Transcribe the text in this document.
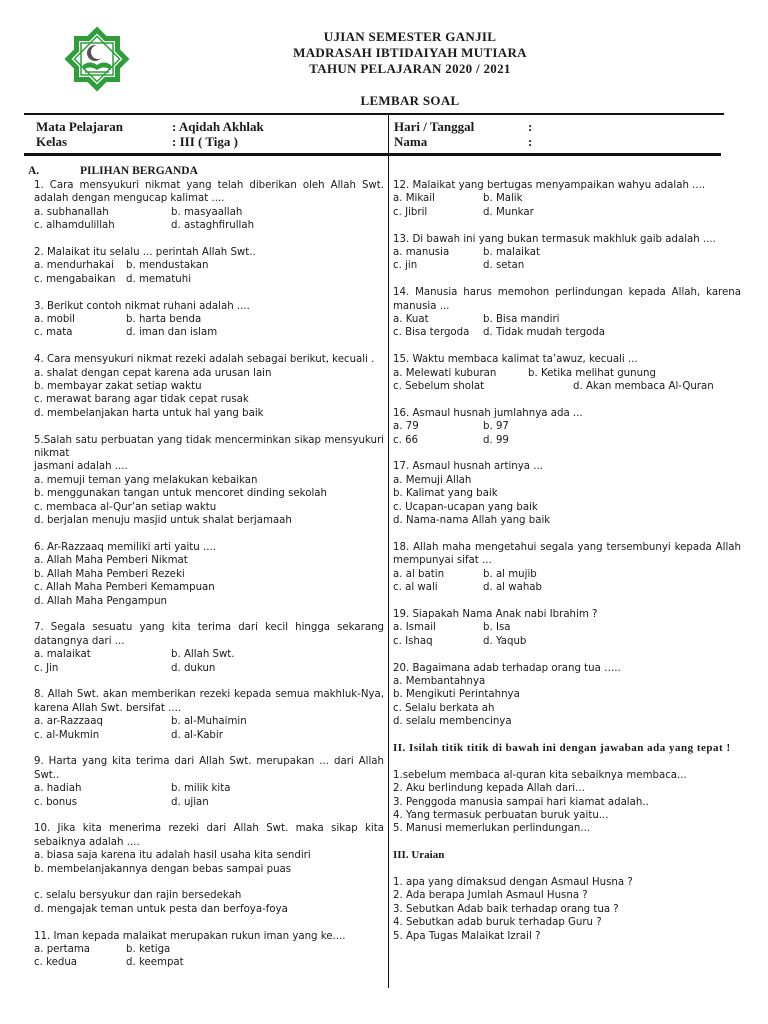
UJIAN SEMESTER GANJIL
MADRASAH IBTIDAIYAH MUTIARA
TAHUN PELAJARAN 2020 / 2021
LEMBAR SOAL
Mata Pelajaran	: Aqidah Akhlak
Kelas	: III ( Tiga )
Hari / Tanggal	:
Nama	:
A.	PILIHAN BERGANDA
1. Cara mensyukuri nikmat yang telah diberikan oleh Allah Swt. adalah dengan mengucap kalimat ....
a. subhanallah	b. masyaallah
c. alhamdulillah	d. astaghfirullah
2. Malaikat itu selalu ... perintah Allah Swt..
a. mendurhakai	b. mendustakan
c. mengabaikan	d. mematuhi
3. Berikut contoh nikmat ruhani adalah ....
a. mobil	b. harta benda
c. mata	d. iman dan islam
4. Cara mensyukuri nikmat rezeki adalah sebagai berikut, kecuali .
a. shalat dengan cepat karena ada urusan lain
b. membayar zakat setiap waktu
c. merawat barang agar tidak cepat rusak
d. membelanjakan harta untuk hal yang baik
5.Salah satu perbuatan yang tidak mencerminkan sikap mensyukuri nikmat
jasmani adalah ....
a. memuji teman yang melakukan kebaikan
b. menggunakan tangan untuk mencoret dinding sekolah
c. membaca al-Qur’an setiap waktu
d. berjalan menuju masjid untuk shalat berjamaah
6. Ar-Razzaaq memiliki arti yaitu ....
a. Allah Maha Pemberi Nikmat
b. Allah Maha Pemberi Rezeki
c. Allah Maha Pemberi Kemampuan
d. Allah Maha Pengampun
7. Segala sesuatu yang kita terima dari kecil hingga sekarang datangnya dari ...
a. malaikat	b. Allah Swt.
c. Jin	d. dukun
8. Allah Swt. akan memberikan rezeki kepada semua makhluk-Nya, karena Allah Swt. bersifat ....
a. ar-Razzaaq	b. al-Muhaimin
c. al-Mukmin	d. al-Kabir
9. Harta yang kita terima dari Allah Swt. merupakan ... dari Allah Swt..
a. hadiah	b. milik kita
c. bonus	d. ujian
10. Jika kita menerima rezeki dari Allah Swt. maka sikap kita sebaiknya adalah ....
a. biasa saja karena itu adalah hasil usaha kita sendiri
b. membelanjakannya dengan bebas sampai puas
c. selalu bersyukur dan rajin bersedekah
d. mengajak teman untuk pesta dan berfoya-foya
11. Iman kepada malaikat merupakan rukun iman yang ke....
a. pertama	b. ketiga
c. kedua	d. keempat
12. Malaikat yang bertugas menyampaikan wahyu adalah ....
a. Mikail	b. Malik
c. Jibril	d. Munkar
13. Di bawah ini yang bukan termasuk makhluk gaib adalah ....
a. manusia	b. malaikat
c. jin	d. setan
14. Manusia harus memohon perlindungan kepada Allah, karena manusia ...
a. Kuat	b. Bisa mandiri
c. Bisa tergoda	d. Tidak mudah tergoda
15. Waktu membaca kalimat ta’awuz, kecuali ...
a. Melewati kuburan	b. Ketika melihat gunung
c. Sebelum sholat	d. Akan membaca Al-Quran
16. Asmaul husnah jumlahnya ada ...
a. 79	b. 97
c. 66	d. 99
17. Asmaul husnah artinya ...
a. Memuji Allah
b. Kalimat yang baik
c. Ucapan-ucapan yang baik
d. Nama-nama Allah yang baik
18. Allah maha mengetahui segala yang tersembunyi kepada Allah mempunyai sifat ...
a. al batin	b. al mujib
c. al wali	d. al wahab
19. Siapakah Nama Anak nabi Ibrahim ?
a. Ismail	b. Isa
c. Ishaq	d. Yaqub
20. Bagaimana adab terhadap orang tua …..
a. Membantahnya
b. Mengikuti Perintahnya
c. Selalu berkata ah
d. selalu membencinya
II. Isilah titik titik di bawah ini dengan jawaban ada yang tepat !
1.sebelum membaca al-quran kita sebaiknya membaca...
2. Aku berlindung kepada Allah dari...
3. Penggoda manusia sampai hari kiamat adalah..
4. Yang termasuk perbuatan buruk yaitu...
5. Manusi memerlukan perlindungan...
III. Uraian
1. apa yang dimaksud dengan Asmaul Husna ?
2. Ada berapa Jumlah Asmaul Husna ?
3. Sebutkan Adab baik terhadap orang tua ?
4. Sebutkan adab buruk terhadap Guru ?
5. Apa Tugas Malaikat Izrail ?
